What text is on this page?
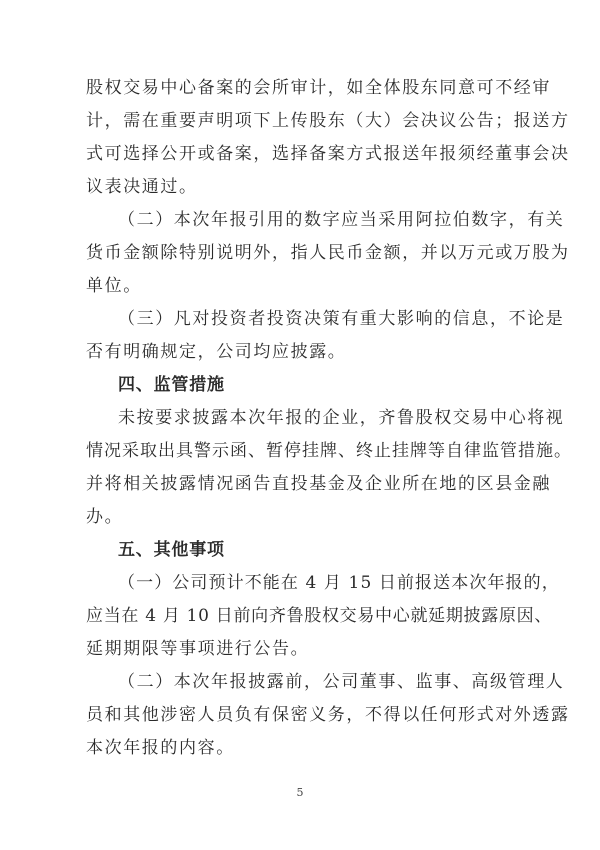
股权交易中心备案的会所审计，如全体股东同意可不经审
计，需在重要声明项下上传股东（大）会决议公告；报送方
式可选择公开或备案，选择备案方式报送年报须经董事会决
议表决通过。
（二）本次年报引用的数字应当采用阿拉伯数字，有关
货币金额除特别说明外，指人民币金额，并以万元或万股为
单位。
（三）凡对投资者投资决策有重大影响的信息，不论是
否有明确规定，公司均应披露。
四、监管措施
未按要求披露本次年报的企业，齐鲁股权交易中心将视
情况采取出具警示函、暂停挂牌、终止挂牌等自律监管措施。
并将相关披露情况函告直投基金及企业所在地的区县金融
办。
五、其他事项
（一）公司预计不能在 4 月 15 日前报送本次年报的，
应当在 4 月 10 日前向齐鲁股权交易中心就延期披露原因、
延期期限等事项进行公告。
（二）本次年报披露前，公司董事、监事、高级管理人
员和其他涉密人员负有保密义务，不得以任何形式对外透露
本次年报的内容。
5
